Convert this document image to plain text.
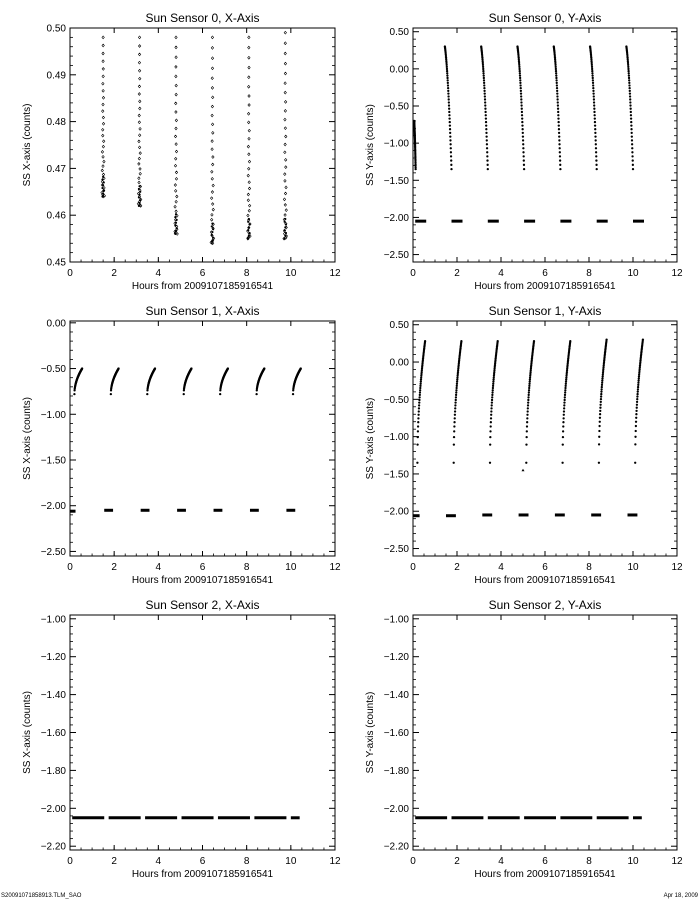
Sun Sensor 0, X-Axis
0	2	4	6	8	10	12
0.45
0.46
0.47
0.48
0.49
0.50
Hours from 2009107185916541
SS X-axis (counts)
Sun Sensor 0, Y-Axis
0	2	4	6	8	10	12
−2.50
−2.00
−1.50
−1.00
−0.50
0.00
0.50
Hours from 2009107185916541
SS Y-axis (counts)
Sun Sensor 1, X-Axis
0	2	4	6	8	10	12
−2.50
−2.00
−1.50
−1.00
−0.50
0.00
Hours from 2009107185916541
SS X-axis (counts)
Sun Sensor 1, Y-Axis
0	2	4	6	8	10	12
−2.50
−2.00
−1.50
−1.00
−0.50
0.00
0.50
Hours from 2009107185916541
SS Y-axis (counts)
Sun Sensor 2, X-Axis
0	2	4	6	8	10	12
−2.20
−2.00
−1.80
−1.60
−1.40
−1.20
−1.00
Hours from 2009107185916541
SS X-axis (counts)
Sun Sensor 2, Y-Axis
0	2	4	6	8	10	12
−2.20
−2.00
−1.80
−1.60
−1.40
−1.20
−1.00
Hours from 2009107185916541
SS Y-axis (counts)
S20091071858913.TLM_SAO	Apr 18, 2009
